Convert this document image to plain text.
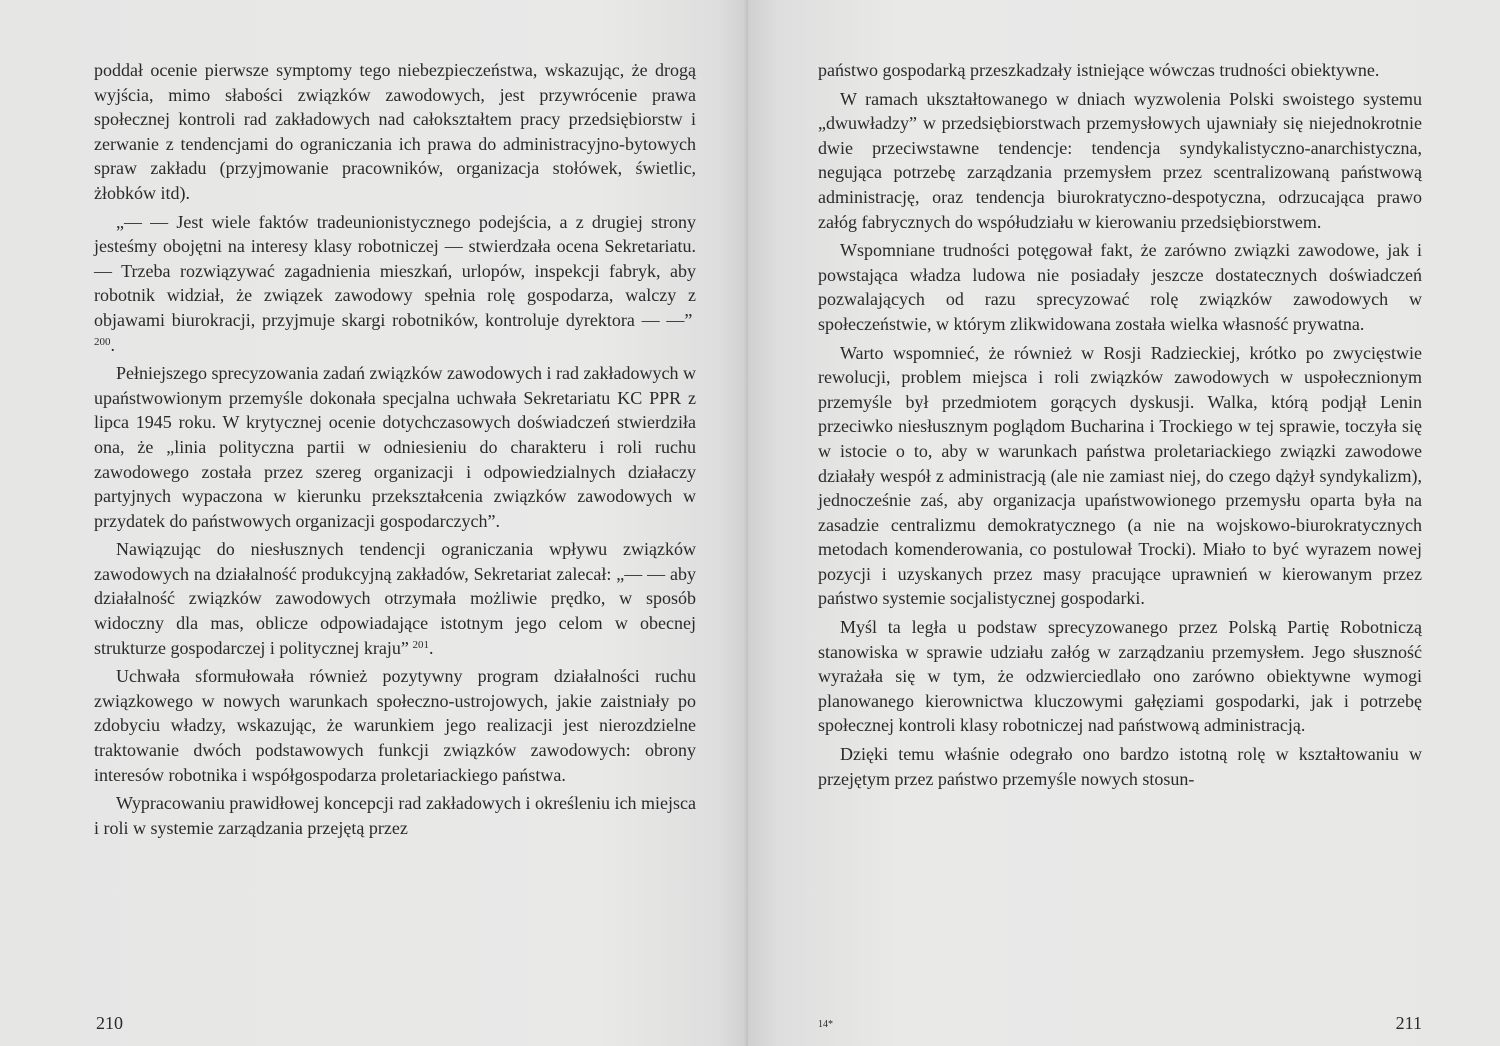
poddał ocenie pierwsze symptomy tego niebezpieczeństwa, wskazując, że drogą wyjścia, mimo słabości związków zawodowych, jest przywrócenie prawa społecznej kontroli rad zakładowych nad całokształtem pracy przedsiębiorstw i zerwanie z tendencjami do ograniczania ich prawa do administracyjno-bytowych spraw zakładu (przyjmowanie pracowników, organizacja stołówek, świetlic, żłobków itd).

„— — Jest wiele faktów tradeunionistycznego podejścia, a z drugiej strony jesteśmy obojętni na interesy klasy robotniczej — stwierdzała ocena Sekretariatu. — Trzeba rozwiązywać zagadnienia mieszkań, urlopów, inspekcji fabryk, aby robotnik widział, że związek zawodowy spełnia rolę gospodarza, walczy z objawami biurokracji, przyjmuje skargi robotników, kontroluje dyrektora — —” $^{200}$.

Pełniejszego sprecyzowania zadań związków zawodowych i rad zakładowych w upaństwowionym przemyśle dokonała specjalna uchwała Sekretariatu KC PPR z lipca 1945 roku. W krytycznej ocenie dotychczasowych doświadczeń stwierdziła ona, że „linia polityczna partii w odniesieniu do charakteru i roli ruchu zawodowego została przez szereg organizacji i odpowiedzialnych działaczy partyjnych wypaczona w kierunku przekształcenia związków zawodowych w przydatek do państwowych organizacji gospodarczych”.

Nawiązując do niesłusznych tendencji ograniczania wpływu związków zawodowych na działalność produkcyjną zakładów, Sekretariat zalecał: „— — aby działalność związków zawodowych otrzymała możliwie prędko, w sposób widoczny dla mas, oblicze odpowiadające istotnym jego celom w obecnej strukturze gospodarczej i politycznej kraju”  $^{201}$.

Uchwała sformułowała również pozytywny program działalności ruchu związkowego w nowych warunkach społeczno-ustrojowych, jakie zaistniały po zdobyciu władzy, wskazując, że warunkiem jego realizacji jest nierozdzielne traktowanie dwóch podstawowych funkcji związków zawodowych: obrony interesów robotnika i współgospodarza proletariackiego państwa.

Wypracowaniu prawidłowej koncepcji rad zakładowych i określeniu ich miejsca i roli w systemie zarządzania przejętą przez

210

państwo gospodarką przeszkadzały istniejące wówczas trudności obiektywne.

W ramach ukształtowanego w dniach wyzwolenia Polski swoistego systemu „dwuwładzy” w przedsiębiorstwach przemysłowych ujawniały się niejednokrotnie dwie przeciwstawne tendencje: tendencja syndykalistyczno-anarchistyczna, negująca potrzebę zarządzania przemysłem przez scentralizowaną państwową administrację, oraz tendencja biurokratyczno-despotyczna, odrzucająca prawo załóg fabrycznych do współudziału w kierowaniu przedsiębiorstwem.

Wspomniane trudności potęgował fakt, że zarówno związki zawodowe, jak i powstająca władza ludowa nie posiadały jeszcze dostatecznych doświadczeń pozwalających od razu sprecyzować rolę związków zawodowych w społeczeństwie, w którym zlikwidowana została wielka własność prywatna.

Warto wspomnieć, że również w Rosji Radzieckiej, krótko po zwycięstwie rewolucji, problem miejsca i roli związków zawodowych w uspołecznionym przemyśle był przedmiotem gorących dyskusji. Walka, którą podjął Lenin przeciwko niesłusznym poglądom Bucharina i Trockiego w tej sprawie, toczyła się w istocie o to, aby w warunkach państwa proletariackiego związki zawodowe działały wespół z administracją (ale nie zamiast niej, do czego dążył syndykalizm), jednocześnie zaś, aby organizacja upaństwowionego przemysłu oparta była na zasadzie centralizmu demokratycznego (a nie na wojskowo-biurokratycznych metodach komenderowania, co postulował Trocki). Miało to być wyrazem nowej pozycji i uzyskanych przez masy pracujące uprawnień w kierowanym przez państwo systemie socjalistycznej gospodarki.

Myśl ta legła u podstaw sprecyzowanego przez Polską Partię Robotniczą stanowiska w sprawie udziału załóg w zarządzaniu przemysłem. Jego słuszność wyrażała się w tym, że odzwierciedlało ono zarówno obiektywne wymogi planowanego kierownictwa kluczowymi gałęziami gospodarki, jak i potrzebę społecznej kontroli klasy robotniczej nad państwową administracją.

Dzięki temu właśnie odegrało ono bardzo istotną rolę w kształtowaniu w przejętym przez państwo przemyśle nowych stosun-

14*	211
